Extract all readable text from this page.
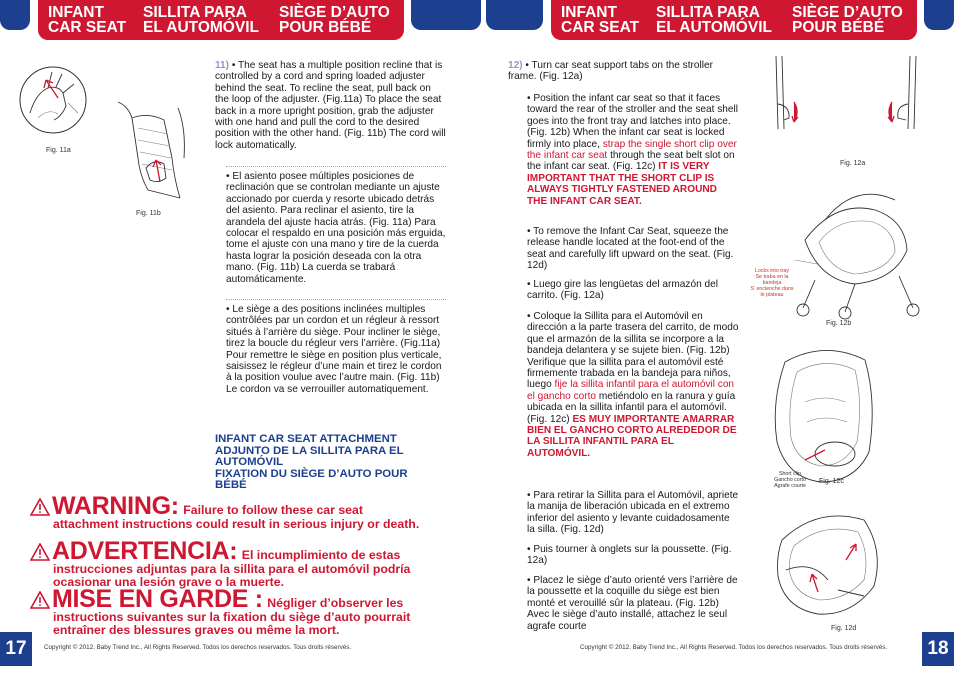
INFANT
CAR SEAT
SILLITA PARA
EL AUTOMÓVIL
SIÈGE D’AUTO
POUR BÉBÉ
INFANT
CAR SEAT
SILLITA PARA
EL AUTOMÓVIL
SIÈGE D’AUTO
POUR BÉBÉ
Fig. 11a
Fig. 11b
11) • The seat has a multiple position recline that is controlled by a cord and spring loaded adjuster behind the seat. To recline the seat, pull back on the loop of the adjuster. (Fig.11a) To place the seat back in a more upright position, grab the adjuster with one hand and pull the cord to the desired position with the other hand. (Fig. 11b) The cord will lock automatically.
• El asiento posee múltiples posiciones de reclinación que se controlan mediante un ajuste accionado por cuerda y resorte ubicado detrás del asiento. Para reclinar el asiento, tire la arandela del ajuste hacia atrás. (Fig. 11a) Para colocar el respaldo en una posición más erguida, tome el ajuste con una mano y tire de la cuerda hasta lograr la posición deseada con la otra mano. (Fig. 11b) La cuerda se trabará automáticamente.
• Le siège a des positions inclinées multiples contrôlées par un cordon et un régleur à ressort situés à l’arrière du siège. Pour incliner le siège, tirez la boucle du régleur vers l’arrière. (Fig.11a) Pour remettre le siège en position plus verticale, saisissez le régleur d’une main et tirez le cordon à la position voulue avec l’autre main. (Fig. 11b) Le cordon va se verrouiller automatiquement.
INFANT CAR SEAT ATTACHMENT
ADJUNTO DE LA SILLITA PARA EL
AUTOMÓVIL
FIXATION DU SIÈGE D’AUTO POUR
BÉBÉ
WARNING: Failure to follow these car seat
attachment instructions could result in serious injury or death.
ADVERTENCIA: El incumplimiento de estas
instrucciones adjuntas para la sillita para el automóvil podría ocasionar una lesión grave o la muerte.
MISE EN GARDE : Négliger d’observer les
instructions suivantes sur la fixation du siège d’auto pourrait entraîner des blessures graves ou même la mort.
17	Copyright © 2012. Baby Trend Inc., All Rights Reserved. Todos los derechos reservados. Tous droits réservés.
12) • Turn car seat support tabs on the stroller frame. (Fig. 12a)
• Position the infant car seat so that it faces toward the rear of the stroller and the seat shell goes into the front tray and latches into place. (Fig. 12b) When the infant car seat is locked firmly into place, strap the single short clip over the infant car seat through the seat belt slot on the infant car seat. (Fig. 12c) IT IS VERY IMPORTANT THAT THE SHORT CLIP IS ALWAYS TIGHTLY FASTENED AROUND THE INFANT CAR SEAT.
• To remove the Infant Car Seat, squeeze the release handle located at the foot-end of the seat and carefully lift upward on the seat. (Fig. 12d)
• Luego gire las lengüetas del armazón del carrito. (Fig. 12a)
• Coloque la Sillita para el Automóvil en dirección a la parte trasera del carrito, de modo que el armazón de la sillita se incorpore a la bandeja delantera y se sujete bien. (Fig. 12b) Verifique que la sillita para el automóvil esté firmemente trabada en la bandeja para niños, luego fije la sillita infantil para el automóvil con el gancho corto metiéndolo en la ranura y guía ubicada en la sillita infantil para el automóvil. (Fig. 12c) ES MUY IMPORTANTE AMARRAR BIEN EL GANCHO CORTO ALREDEDOR DE LA SILLITA INFANTIL PARA EL AUTOMÓVIL.
• Para retirar la Sillita para el Automóvil, apriete la manija de liberación ubicada en el extremo inferior del asiento y levante cuidadosamente la silla. (Fig. 12d)
• Puis tourner à onglets sur la poussette. (Fig. 12a)
• Placez le siège d’auto orienté vers l’arrière de la poussette et la coquille du siège est bien monté et verouillé sûr la plateau. (Fig. 12b) Avec le siège d’auto installé, attachez le seul agrafe courte
Fig. 12a
Locks into tray
Se traba en la
bandeja
S’ enclenche dans
le plateau
Fig. 12b
Short clip
Gancho corto
Agrafe courte
Fig. 12c
Fig. 12d
Copyright © 2012. Baby Trend Inc., All Rights Reserved. Todos los derechos reservados. Tous droits réservés. 18
